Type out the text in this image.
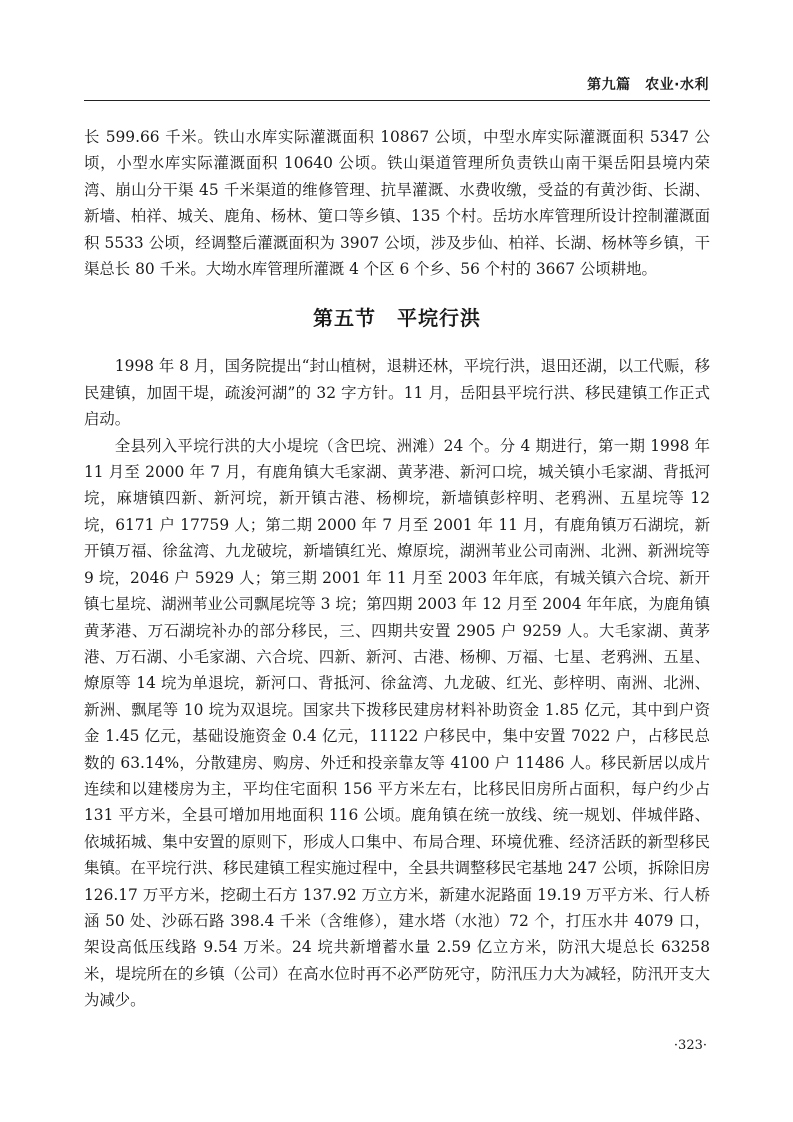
第九篇　农业·水利

长 599.66 千米。铁山水库实际灌溉面积 10867 公顷，中型水库实际灌溉面积 5347 公顷，小型水库实际灌溉面积 10640 公顷。铁山渠道管理所负责铁山南干渠岳阳县境内荣湾、崩山分干渠 45 千米渠道的维修管理、抗旱灌溉、水费收缴，受益的有黄沙街、长湖、新墙、柏祥、城关、鹿角、杨林、筻口等乡镇、135 个村。岳坊水库管理所设计控制灌溉面积 5533 公顷，经调整后灌溉面积为 3907 公顷，涉及步仙、柏祥、长湖、杨林等乡镇，干渠总长 80 千米。大坳水库管理所灌溉 4 个区 6 个乡、56 个村的 3667 公顷耕地。

第五节　平垸行洪

1998 年 8 月，国务院提出“封山植树，退耕还林，平垸行洪，退田还湖，以工代赈，移民建镇，加固干堤，疏浚河湖”的 32 字方针。11 月，岳阳县平垸行洪、移民建镇工作正式启动。

全县列入平垸行洪的大小堤垸（含巴垸、洲滩）24 个。分 4 期进行，第一期 1998 年 11 月至 2000 年 7 月，有鹿角镇大毛家湖、黄茅港、新河口垸，城关镇小毛家湖、背抵河垸，麻塘镇四新、新河垸，新开镇古港、杨柳垸，新墙镇彭梓明、老鸦洲、五星垸等 12 垸，6171 户 17759 人；第二期 2000 年 7 月至 2001 年 11 月，有鹿角镇万石湖垸，新开镇万福、徐盆湾、九龙破垸，新墙镇红光、燎原垸，湖洲苇业公司南洲、北洲、新洲垸等 9 垸，2046 户 5929 人；第三期 2001 年 11 月至 2003 年年底，有城关镇六合垸、新开镇七星垸、湖洲苇业公司飘尾垸等 3 垸；第四期 2003 年 12 月至 2004 年年底，为鹿角镇黄茅港、万石湖垸补办的部分移民，三、四期共安置 2905 户 9259 人。大毛家湖、黄茅港、万石湖、小毛家湖、六合垸、四新、新河、古港、杨柳、万福、七星、老鸦洲、五星、燎原等 14 垸为单退垸，新河口、背抵河、徐盆湾、九龙破、红光、彭梓明、南洲、北洲、新洲、飘尾等 10 垸为双退垸。国家共下拨移民建房材料补助资金 1.85 亿元，其中到户资金 1.45 亿元，基础设施资金 0.4 亿元，11122 户移民中，集中安置 7022 户，占移民总数的 63.14%，分散建房、购房、外迁和投亲靠友等 4100 户 11486 人。移民新居以成片连续和以建楼房为主，平均住宅面积 156 平方米左右，比移民旧房所占面积，每户约少占 131 平方米，全县可增加用地面积 116 公顷。鹿角镇在统一放线、统一规划、伴城伴路、依城拓城、集中安置的原则下，形成人口集中、布局合理、环境优雅、经济活跃的新型移民集镇。在平垸行洪、移民建镇工程实施过程中，全县共调整移民宅基地 247 公顷，拆除旧房 126.17 万平方米，挖砌土石方 137.92 万立方米，新建水泥路面 19.19 万平方米、行人桥涵 50 处、沙砾石路 398.4 千米（含维修），建水塔（水池）72 个，打压水井 4079 口，架设高低压线路 9.54 万米。24 垸共新增蓄水量 2.59 亿立方米，防汛大堤总长 63258 米，堤垸所在的乡镇（公司）在高水位时再不必严防死守，防汛压力大为减轻，防汛开支大为减少。

·323·
